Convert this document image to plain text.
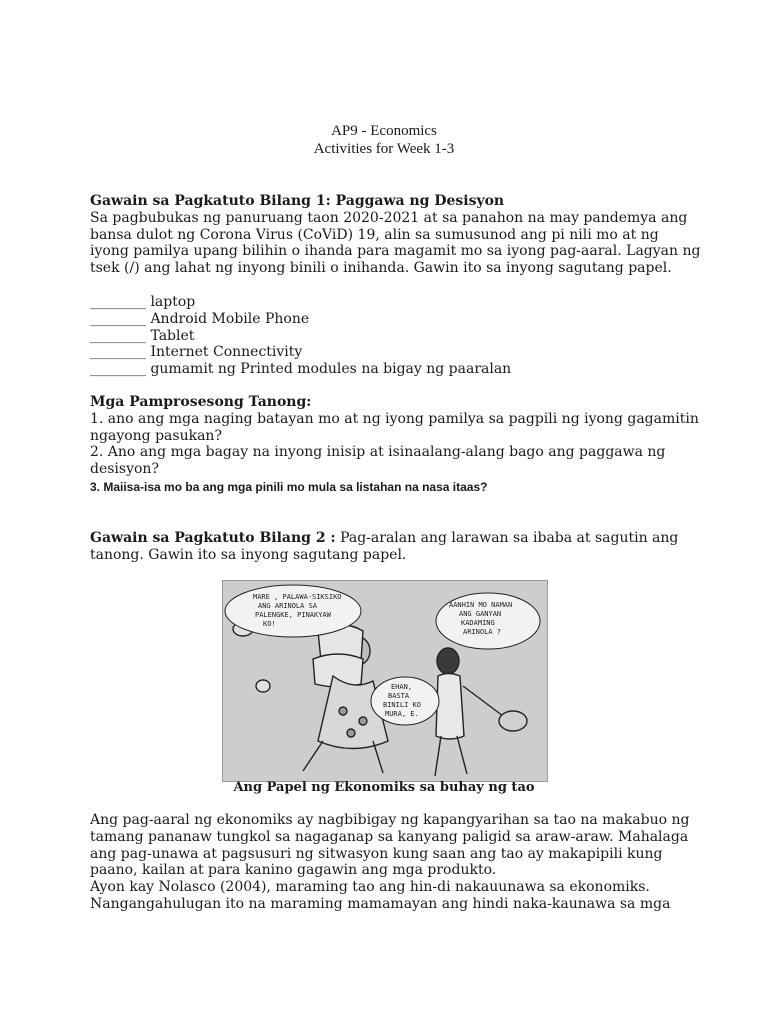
AP9 - Economics
Activities for Week 1-3
Gawain sa Pagkatuto Bilang 1: Paggawa ng Desisyon
Sa pagbubukas ng panuruang taon 2020-2021 at sa panahon na may pandemya ang
bansa dulot ng Corona Virus (CoViD) 19, alin sa sumusunod ang pi nili mo at ng
iyong pamilya upang bilihin o ihanda para magamit mo sa iyong pag-aaral. Lagyan ng
tsek (/) ang lahat ng inyong binili o inihanda. Gawin ito sa inyong sagutang papel.
________ laptop
________ Android Mobile Phone
________ Tablet
________ Internet Connectivity
________ gumamit ng Printed modules na bigay ng paaralan
Mga Pamprosesong Tanong:
1. ano ang mga naging batayan mo at ng iyong pamilya sa pagpili ng iyong gagamitin
ngayong pasukan?
2. Ano ang mga bagay na inyong inisip at isinaalang-alang bago ang paggawa ng
desisyon?
3. Maiisa-isa mo ba ang mga pinili mo mula sa listahan na nasa itaas?
Gawain sa Pagkatuto Bilang 2 : Pag-aralan ang larawan sa ibaba at sagutin ang
tanong. Gawin ito sa inyong sagutang papel.
MARE , PALAWA-SIKSIKO
ANG ARINOLA SA
PALENGKE, PINAKYAW
KO!
AANHIN MO NAMAN
ANG GANYAN
KADAMING
ARINOLA ?
EHAN,
BASTA
BINILI KO
MURA, E.
Ang Papel ng Ekonomiks sa buhay ng tao
Ang pag-aaral ng ekonomiks ay nagbibigay ng kapangyarihan sa tao na makabuo ng
tamang pananaw tungkol sa nagaganap sa kanyang paligid sa araw-araw. Mahalaga
ang pag-unawa at pagsusuri ng sitwasyon kung saan ang tao ay makapipili kung
paano, kailan at para kanino gagawin ang mga produkto.
Ayon kay Nolasco (2004), maraming tao ang hin-di nakauunawa sa ekonomiks.
Nangangahulugan ito na maraming mamamayan ang hindi naka-kaunawa sa mga
